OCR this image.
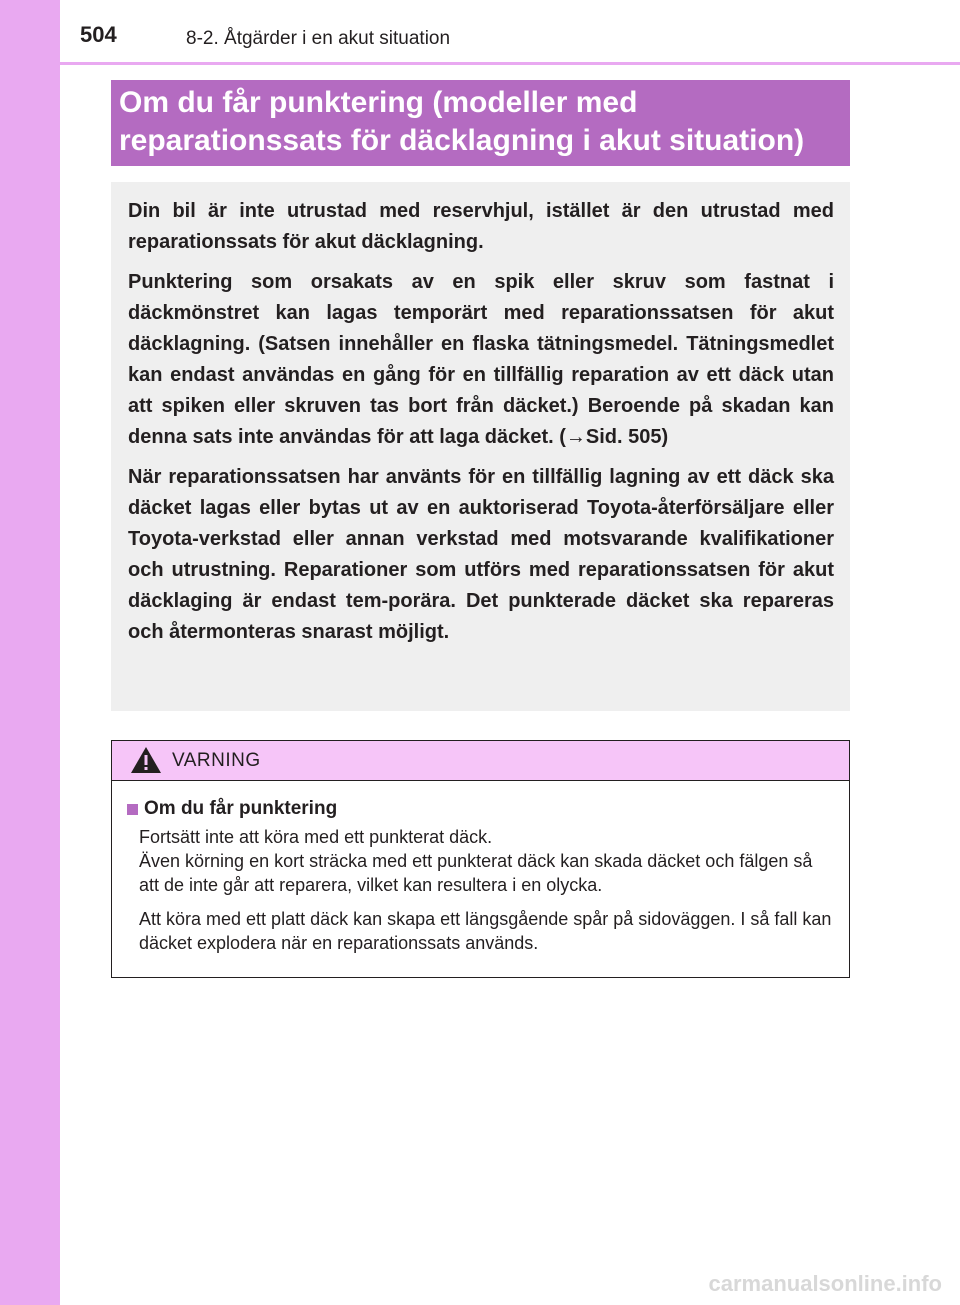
504	8-2. Åtgärder i en akut situation
Om du får punktering (modeller med
reparationssats för däcklagning i akut situation)

Din bil är inte utrustad med reservhjul, istället är den utrustad med reparationssats för akut däcklagning.

Punktering som orsakats av en spik eller skruv som fastnat i däckmönstret kan lagas temporärt med reparationssatsen för akut däcklagning. (Satsen innehåller en flaska tätningsmedel. Tätningsmedlet kan endast användas en gång för en tillfällig reparation av ett däck utan att spiken eller skruven tas bort från däcket.) Beroende på skadan kan denna sats inte användas för att laga däcket. (→Sid. 505)

När reparationssatsen har använts för en tillfällig lagning av ett däck ska däcket lagas eller bytas ut av en auktoriserad Toyota-återförsäljare eller Toyota-verkstad eller annan verkstad med motsvarande kvalifikationer och utrustning. Reparationer som utförs med reparationssatsen för akut däcklaging är endast tem-porära. Det punkterade däcket ska repareras och återmonteras snarast möjligt.

VARNING
Om du får punktering

Fortsätt inte att köra med ett punkterat däck.

Även körning en kort sträcka med ett punkterat däck kan skada däcket och fälgen så att de inte går att reparera, vilket kan resultera i en olycka.

Att köra med ett platt däck kan skapa ett längsgående spår på sidoväggen. I så fall kan däcket explodera när en reparationssats används.

carmanualsonline.info
